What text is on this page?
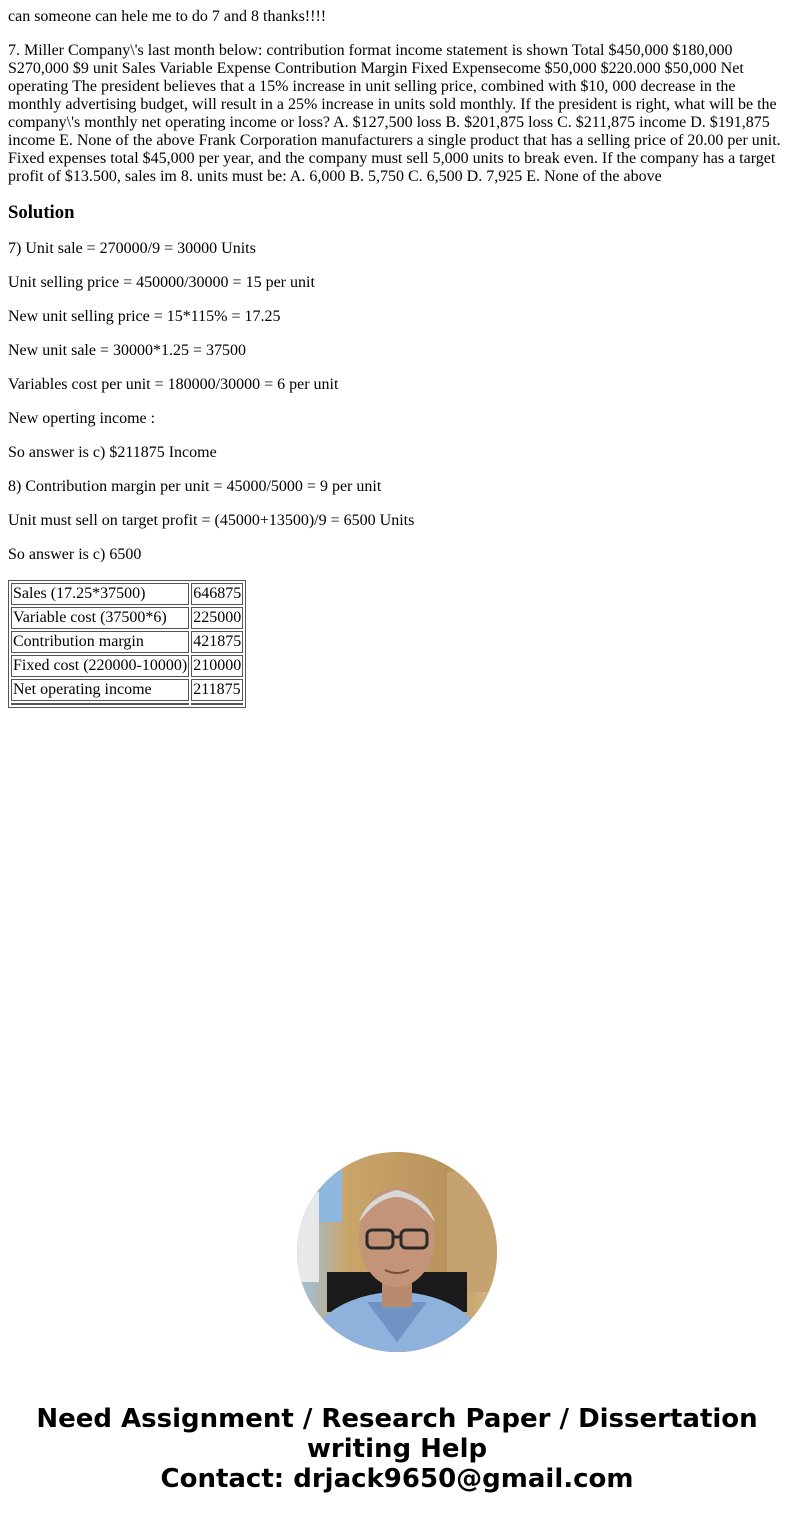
can someone can hele me to do 7 and 8 thanks!!!!

7. Miller Company\'s last month below: contribution format income statement is shown Total $450,000 $180,000 S270,000 $9 unit Sales Variable Expense Contribution Margin Fixed Expensecome $50,000 $220.000 $50,000 Net operating The president believes that a 15% increase in unit selling price, combined with $10, 000 decrease in the monthly advertising budget, will result in a 25% increase in units sold monthly. If the president is right, what will be the company\'s monthly net operating income or loss? A. $127,500 loss B. $201,875 loss C. $211,875 income D. $191,875 income E. None of the above Frank Corporation manufacturers a single product that has a selling price of 20.00 per unit. Fixed expenses total $45,000 per year, and the company must sell 5,000 units to break even. If the company has a target profit of $13.500, sales im 8. units must be: A. 6,000 B. 5,750 C. 6,500 D. 7,925 E. None of the above

Solution

7) Unit sale = 270000/9 = 30000 Units

Unit selling price = 450000/30000 = 15 per unit

New unit selling price = 15*115% = 17.25

New unit sale = 30000*1.25 = 37500

Variables cost per unit = 180000/30000 = 6 per unit

New operting income :

So answer is c) $211875 Income

8) Contribution margin per unit = 45000/5000 = 9 per unit

Unit must sell on target profit = (45000+13500)/9 = 6500 Units

So answer is c) 6500

Sales (17.25*37500)	646875
Variable cost (37500*6)	225000
Contribution margin	421875
Fixed cost (220000-10000)	210000
Net operating income	211875

Need Assignment / Research Paper / Dissertation
writing Help
Contact: drjack9650@gmail.com
